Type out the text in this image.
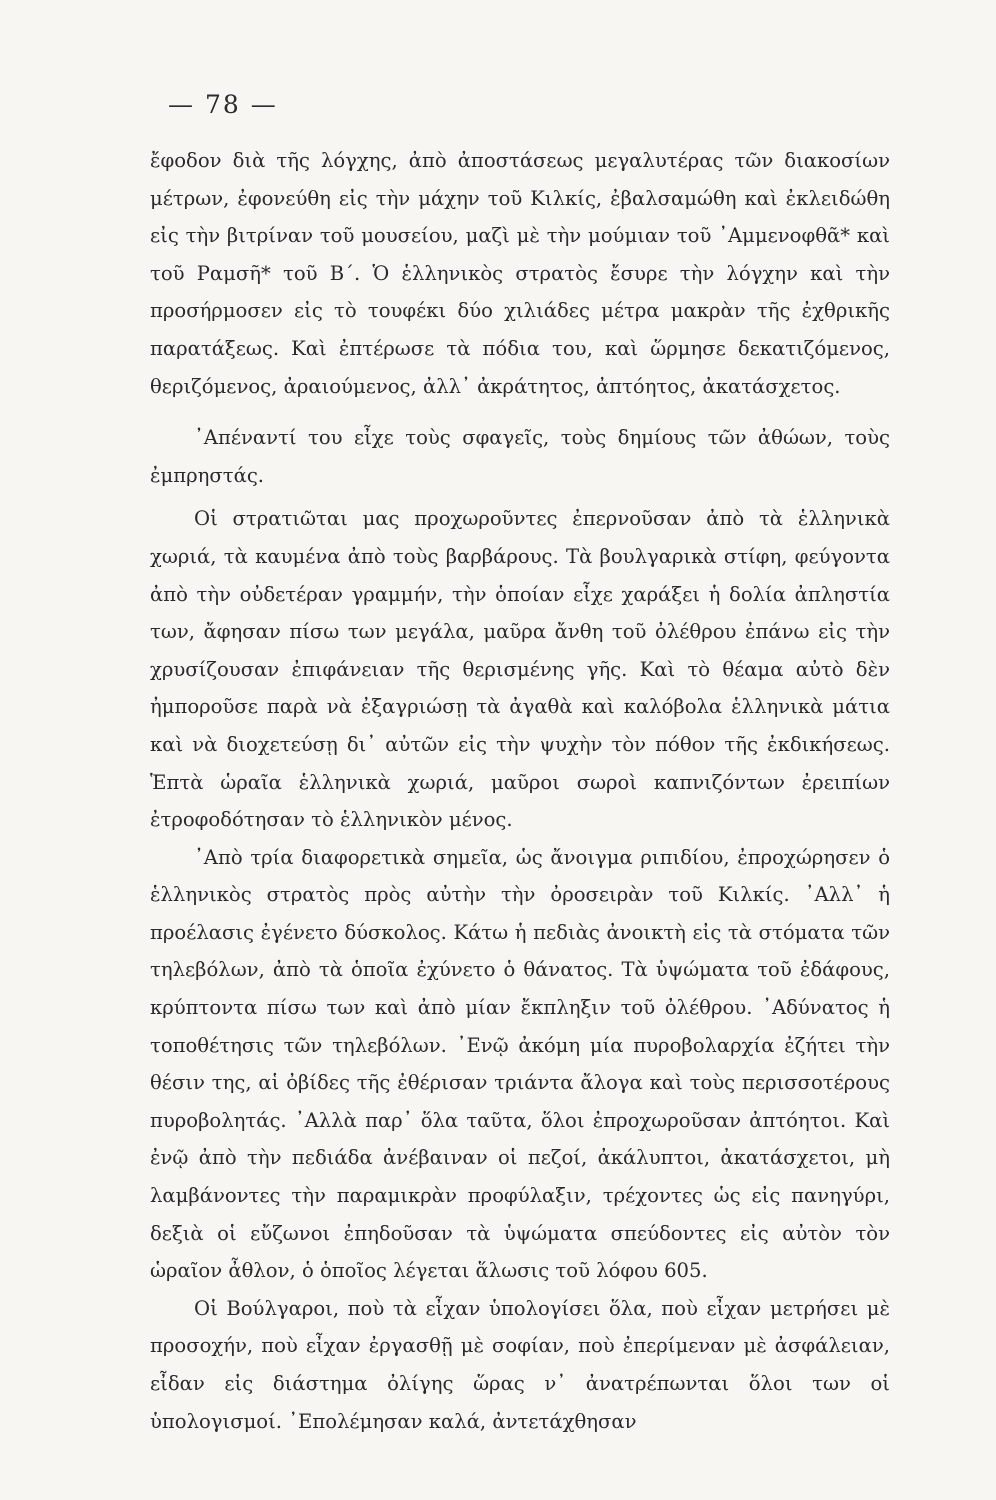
— 78 —

ἔφοδον διὰ τῆς λόγχης, ἀπὸ ἀποστάσεως μεγαλυτέρας τῶν διακοσίων μέτρων, ἐφονεύθη εἰς τὴν μάχην τοῦ Κιλκίς, ἐβαλσαμώθη καὶ ἐκλειδώθη εἰς τὴν βιτρίναν τοῦ μουσείου, μαζὶ μὲ τὴν μούμιαν τοῦ ᾿Αμμενοφθᾶ* καὶ τοῦ Ραμσῆ* τοῦ Β΄. Ὁ ἑλληνικὸς στρατὸς ἔσυρε τὴν λόγχην καὶ τὴν προσήρμοσεν εἰς τὸ τουφέκι δύο χιλιάδες μέτρα μακρὰν τῆς ἐχθρικῆς παρατάξεως. Καὶ ἐπτέρωσε τὰ πόδια του, καὶ ὥρμησε δεκατιζόμενος, θεριζόμενος, ἀραιούμενος, ἀλλ᾿ ἀκράτητος, ἀπτόητος, ἀκατάσχετος.

᾿Απέναντί του εἶχε τοὺς σφαγεῖς, τοὺς δημίους τῶν ἀθώων, τοὺς ἐμπρηστάς.

Οἱ στρατιῶται μας προχωροῦντες ἐπερνοῦσαν ἀπὸ τὰ ἑλληνικὰ χωριά, τὰ καυμένα ἀπὸ τοὺς βαρβάρους. Τὰ βουλγαρικὰ στίφη, φεύγοντα ἀπὸ τὴν οὐδετέραν γραμμήν, τὴν ὁποίαν εἶχε χαράξει ἡ δολία ἀπληστία των, ἄφησαν πίσω των μεγάλα, μαῦρα ἄνθη τοῦ ὀλέθρου ἐπάνω εἰς τὴν χρυσίζουσαν ἐπιφάνειαν τῆς θερισμένης γῆς. Καὶ τὸ θέαμα αὐτὸ δὲν ἠμποροῦσε παρὰ νὰ ἐξαγριώσῃ τὰ ἀγαθὰ καὶ καλόβολα ἑλληνικὰ μάτια καὶ νὰ διοχετεύσῃ δι᾿ αὐτῶν εἰς τὴν ψυχὴν τὸν πόθον τῆς ἐκδικήσεως. Ἑπτὰ ὡραῖα ἑλληνικὰ χωριά, μαῦροι σωροὶ καπνιζόντων ἐρειπίων ἐτροφοδότησαν τὸ ἑλληνικὸν μένος.

᾿Απὸ τρία διαφορετικὰ σημεῖα, ὡς ἄνοιγμα ριπιδίου, ἐπροχώρησεν ὁ ἑλληνικὸς στρατὸς πρὸς αὐτὴν τὴν ὀροσειρὰν τοῦ Κιλκίς. ᾿Αλλ᾿ ἡ προέλασις ἐγένετο δύσκολος. Κάτω ἡ πεδιὰς ἀνοικτὴ εἰς τὰ στόματα τῶν τηλεβόλων, ἀπὸ τὰ ὁποῖα ἐχύνετο ὁ θάνατος. Τὰ ὑψώματα τοῦ ἐδάφους, κρύπτοντα πίσω των καὶ ἀπὸ μίαν ἔκπληξιν τοῦ ὀλέθρου. ᾿Αδύνατος ἡ τοποθέτησις τῶν τηλεβόλων. ᾿Ενῷ ἀκόμη μία πυροβολαρχία ἐζήτει τὴν θέσιν της, αἱ ὀβίδες τῆς ἐθέρισαν τριάντα ἄλογα καὶ τοὺς περισσοτέρους πυροβολητάς. ᾿Αλλὰ παρ᾿ ὅλα ταῦτα, ὅλοι ἐπροχωροῦσαν ἀπτόητοι. Καὶ ἐνῷ ἀπὸ τὴν πεδιάδα ἀνέβαιναν οἱ πεζοί, ἀκάλυπτοι, ἀκατάσχετοι, μὴ λαμβάνοντες τὴν παραμικρὰν προφύλαξιν, τρέχοντες ὡς εἰς πανηγύρι, δεξιὰ οἱ εὔζωνοι ἐπηδοῦσαν τὰ ὑψώματα σπεύδοντες εἰς αὐτὸν τὸν ὡραῖον ἆθλον, ὁ ὁποῖος λέγεται ἅλωσις τοῦ λόφου 605.

Οἱ Βούλγαροι, ποὺ τὰ εἶχαν ὑπολογίσει ὅλα, ποὺ εἶχαν μετρήσει μὲ προσοχήν, ποὺ εἶχαν ἐργασθῇ μὲ σοφίαν, ποὺ ἐπερίμεναν μὲ ἀσφάλειαν, εἶδαν εἰς διάστημα ὀλίγης ὥρας ν᾿ ἀνατρέπωνται ὅλοι των οἱ ὑπολογισμοί. ᾿Επολέμησαν καλά, ἀντετάχθησαν
